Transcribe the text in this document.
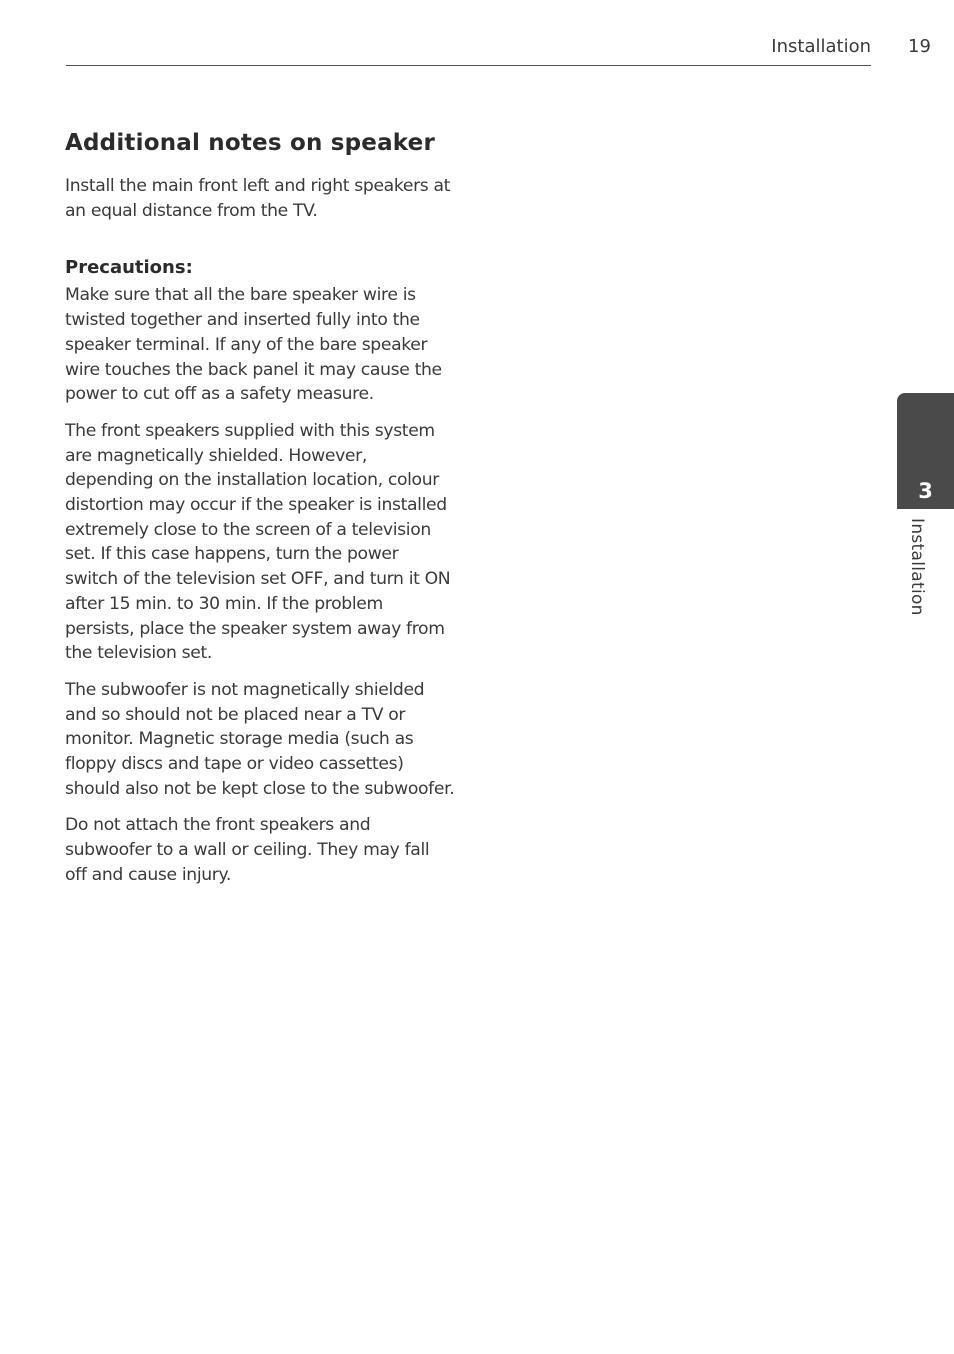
Installation 19
Additional notes on speaker

Install the main front left and right speakers at an equal distance from the TV.

Precautions:

Make sure that all the bare speaker wire is twisted together and inserted fully into the speaker terminal. If any of the bare speaker wire touches the back panel it may cause the power to cut off as a safety measure.

The front speakers supplied with this system are magnetically shielded. However, depending on the installation location, colour distortion may occur if the speaker is installed extremely close to the screen of a television set. If this case happens, turn the power switch of the television set OFF, and turn it ON after 15 min. to 30 min. If the problem persists, place the speaker system away from the television set.

The subwoofer is not magnetically shielded and so should not be placed near a TV or monitor. Magnetic storage media (such as floppy discs and tape or video cassettes) should also not be kept close to the subwoofer.

Do not attach the front speakers and subwoofer to a wall or ceiling. They may fall off and cause injury.

3
Installation
